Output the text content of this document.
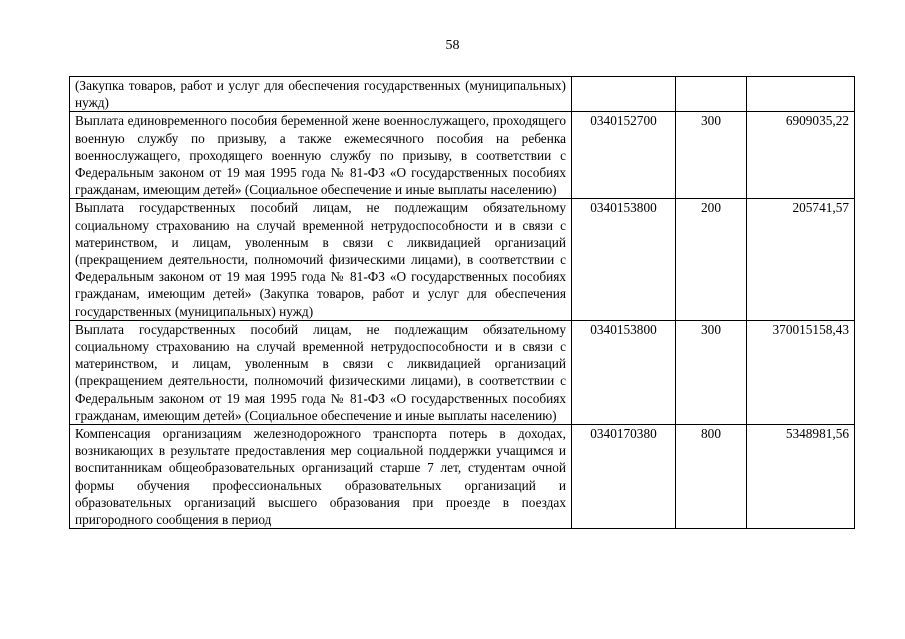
58
(Закупка товаров, работ и услуг для обеспечения государственных (муниципальных) нужд)			
Выплата единовременного пособия беременной жене военнослужащего, проходящего военную службу по призыву, а также ежемесячного пособия на ребенка военнослужащего, проходящего военную службу по призыву, в соответствии с Федеральным законом от 19 мая 1995 года № 81-ФЗ «О государственных пособиях гражданам, имеющим детей» (Социальное обеспечение и иные выплаты населению)	0340152700	300	6909035,22
Выплата государственных пособий лицам, не подлежащим обязательному социальному страхованию на случай временной нетрудоспособности и в связи с материнством, и лицам, уволенным в связи с ликвидацией организаций (прекращением деятельности, полномочий физическими лицами), в соответствии с Федеральным законом от 19 мая 1995 года № 81-ФЗ «О государственных пособиях гражданам, имеющим детей» (Закупка товаров, работ и услуг для обеспечения государственных (муниципальных) нужд)	0340153800	200	205741,57
Выплата государственных пособий лицам, не подлежащим обязательному социальному страхованию на случай временной нетрудоспособности и в связи с материнством, и лицам, уволенным в связи с ликвидацией организаций (прекращением деятельности, полномочий физическими лицами), в соответствии с Федеральным законом от 19 мая 1995 года № 81-ФЗ «О государственных пособиях гражданам, имеющим детей» (Социальное обеспечение и иные выплаты населению)	0340153800	300	370015158,43
Компенсация организациям железнодорожного транспорта потерь в доходах, возникающих в результате предоставления мер социальной поддержки учащимся и воспитанникам общеобразовательных организаций старше 7 лет, студентам очной формы обучения профессиональных образовательных организаций и образовательных организаций высшего образования при проезде в поездах пригородного сообщения в период	0340170380	800	5348981,56
